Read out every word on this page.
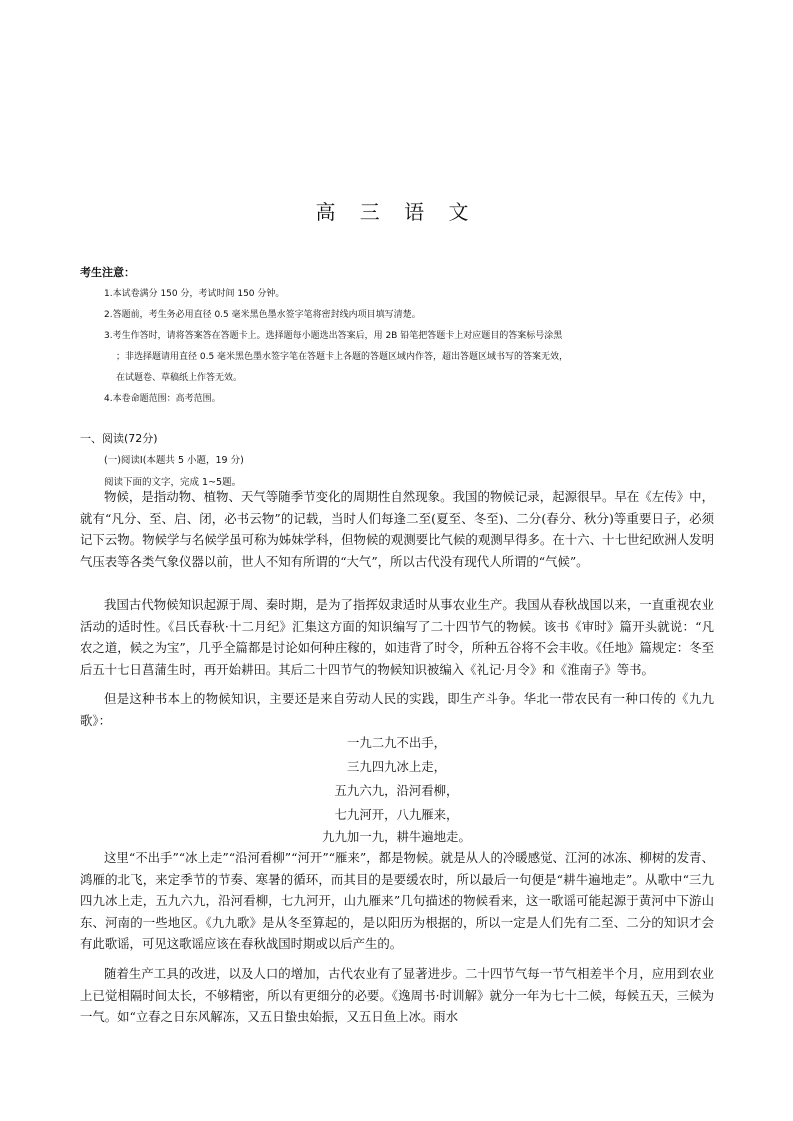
高 三 语 文
考生注意：
1.本试卷满分 150 分，考试时间 150 分钟。
2.答题前，考生务必用直径 0.5 毫米黑色墨水签字笔将密封线内项目填写清楚。
3.考生作答时，请将答案答在答题卡上。选择题每小题选出答案后，用 2B 铅笔把答题卡上对应题目的答案标号涂黑
；非选择题请用直径 0.5 毫米黑色墨水签字笔在答题卡上各题的答题区域内作答，超出答题区域书写的答案无效，
在试题卷、草稿纸上作答无效。
4.本卷命题范围：高考范围。
一、阅读(72分)
(一)阅读Ⅰ(本题共 5 小题，19 分)
阅读下面的文字，完成 1~5题。
物候，是指动物、植物、天气等随季节变化的周期性自然现象。我国的物候记录，起源很早。早在《左传》中，就有“凡分、至、启、闭，必书云物”的记载，当时人们每逢二至(夏至、冬至)、二分(春分、秋分)等重要日子，必须记下云物。物候学与名候学虽可称为姊妹学科，但物候的观测要比气候的观测早得多。在十六、十七世纪欧洲人发明气压表等各类气象仪器以前，世人不知有所谓的“大气”，所以古代没有现代人所谓的“气候”。
我国古代物候知识起源于周、秦时期，是为了指挥奴隶适时从事农业生产。我国从春秋战国以来，一直重视农业活动的适时性。《吕氏春秋·十二月纪》汇集这方面的知识编写了二十四节气的物候。该书《审时》篇开头就说：“凡农之道，候之为宝”，几乎全篇都是讨论如何种庄稼的，如违背了时令，所种五谷将不会丰收。《任地》篇规定：冬至后五十七日菖蒲生时，再开始耕田。其后二十四节气的物候知识被编入《礼记·月令》和《淮南子》等书。
但是这种书本上的物候知识，主要还是来自劳动人民的实践，即生产斗争。华北一带农民有一种口传的《九九歌》：
一九二九不出手，
三九四九冰上走，
五九六九，沿河看柳，
七九河开，八九雁来，
九九加一九，耕牛遍地走。
这里“不出手”“冰上走”“沿河看柳”“河开”“雁来”，都是物候。就是从人的冷暖感觉、江河的冰冻、柳树的发青、鸿雁的北飞，来定季节的节奏、寒暑的循环，而其目的是要缓农时，所以最后一句便是“耕牛遍地走”。从歌中“三九四九冰上走，五九六九，沿河看柳，七九河开，山九雁来”几句描述的物候看来，这一歌谣可能起源于黄河中下游山东、河南的一些地区。《九九歌》是从冬至算起的，是以阳历为根据的，所以一定是人们先有二至、二分的知识才会有此歌谣，可见这歌谣应该在春秋战国时期或以后产生的。
随着生产工具的改进，以及人口的增加，古代农业有了显著进步。二十四节气每一节气相差半个月，应用到农业上已觉相隔时间太长，不够精密，所以有更细分的必要。《逸周书·时训解》就分一年为七十二候，每候五天，三候为一气。如“立春之日东风解冻，又五日蛰虫始振，又五日鱼上冰。雨水
